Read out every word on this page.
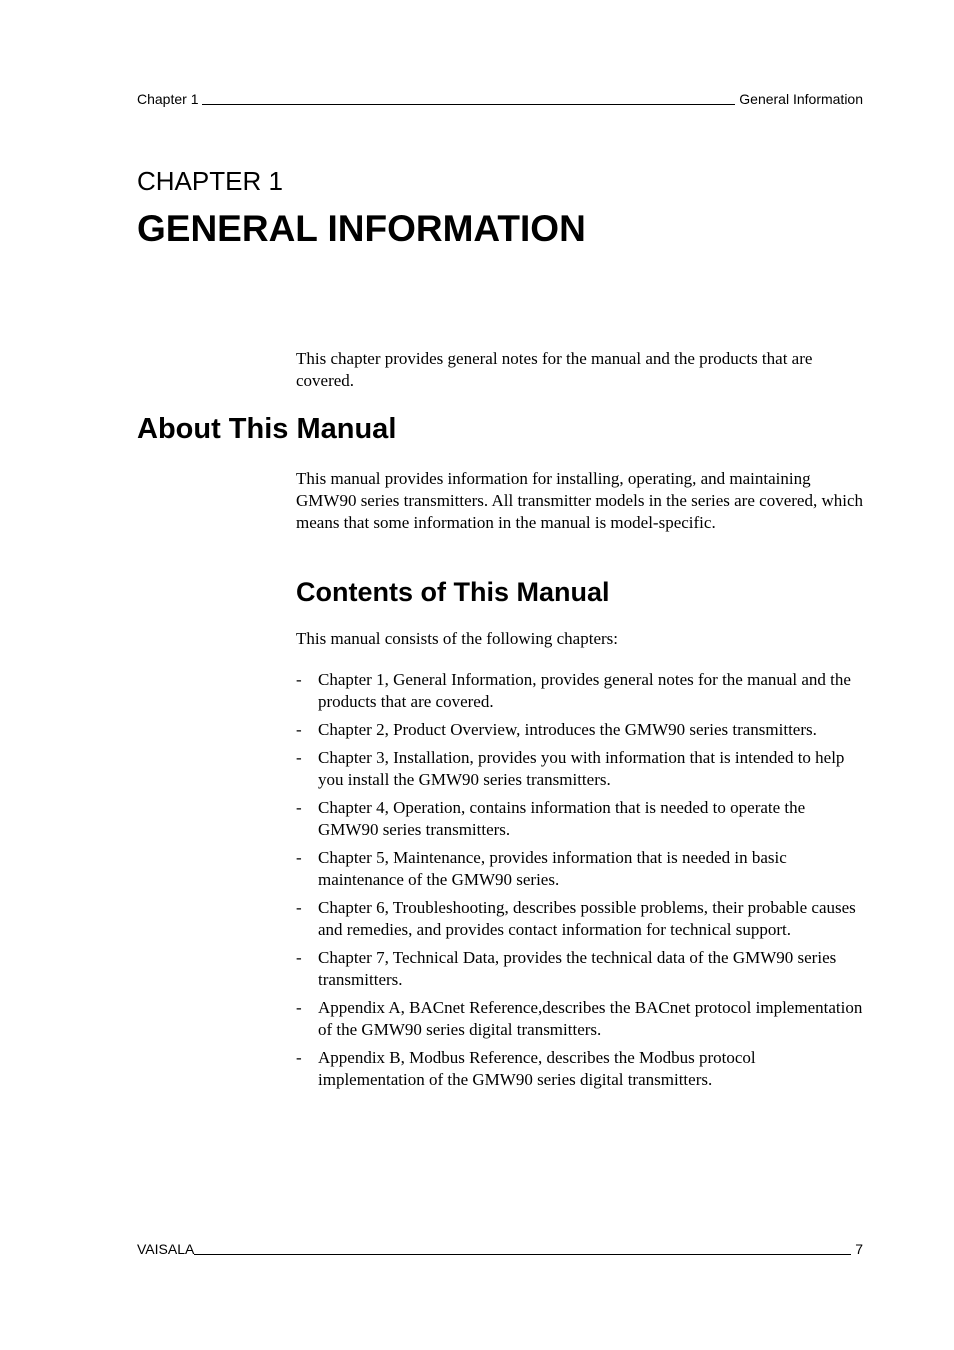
Chapter 1	General Information
CHAPTER 1
GENERAL INFORMATION

This chapter provides general notes for the manual and the products that are covered.

About This Manual

This manual provides information for installing, operating, and maintaining GMW90 series transmitters. All transmitter models in the series are covered, which means that some information in the manual is model-specific.

Contents of This Manual

This manual consists of the following chapters:

- Chapter 1, General Information, provides general notes for the manual and the products that are covered.
- Chapter 2, Product Overview, introduces the GMW90 series transmitters.
- Chapter 3, Installation, provides you with information that is intended to help you install the GMW90 series transmitters.
- Chapter 4, Operation, contains information that is needed to operate the GMW90 series transmitters.
- Chapter 5, Maintenance, provides information that is needed in basic maintenance of the GMW90 series.
- Chapter 6, Troubleshooting, describes possible problems, their probable causes and remedies, and provides contact information for technical support.
- Chapter 7, Technical Data, provides the technical data of the GMW90 series transmitters.
- Appendix A, BACnet Reference,describes the BACnet protocol implementation of the GMW90 series digital transmitters.
- Appendix B, Modbus Reference, describes the Modbus protocol implementation of the GMW90 series digital transmitters.
VAISALA	7
